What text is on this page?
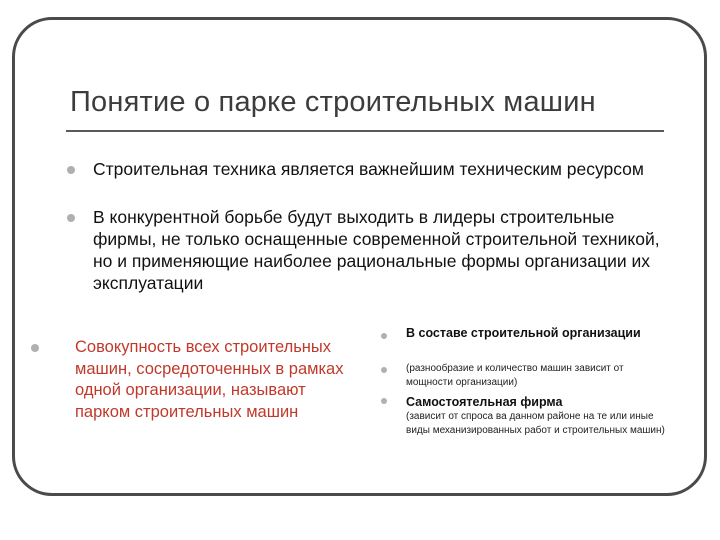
Понятие о парке строительных машин
Строительная техника является важнейшим техническим ресурсом
В конкурентной борьбе будут выходить в лидеры строительные фирмы, не только оснащенные современной строительной техникой, но и применяющие наиболее рациональные формы организации их эксплуатации
Совокупность всех строительных машин, сосредоточенных в рамках одной организации, называют парком строительных машин
В составе строительной организации
(разнообразие и количество машин зависит от мощности организации)
Самостоятельная фирма
(зависит от спроса ва данном районе на те или иные виды механизированных работ и строительных машин)
